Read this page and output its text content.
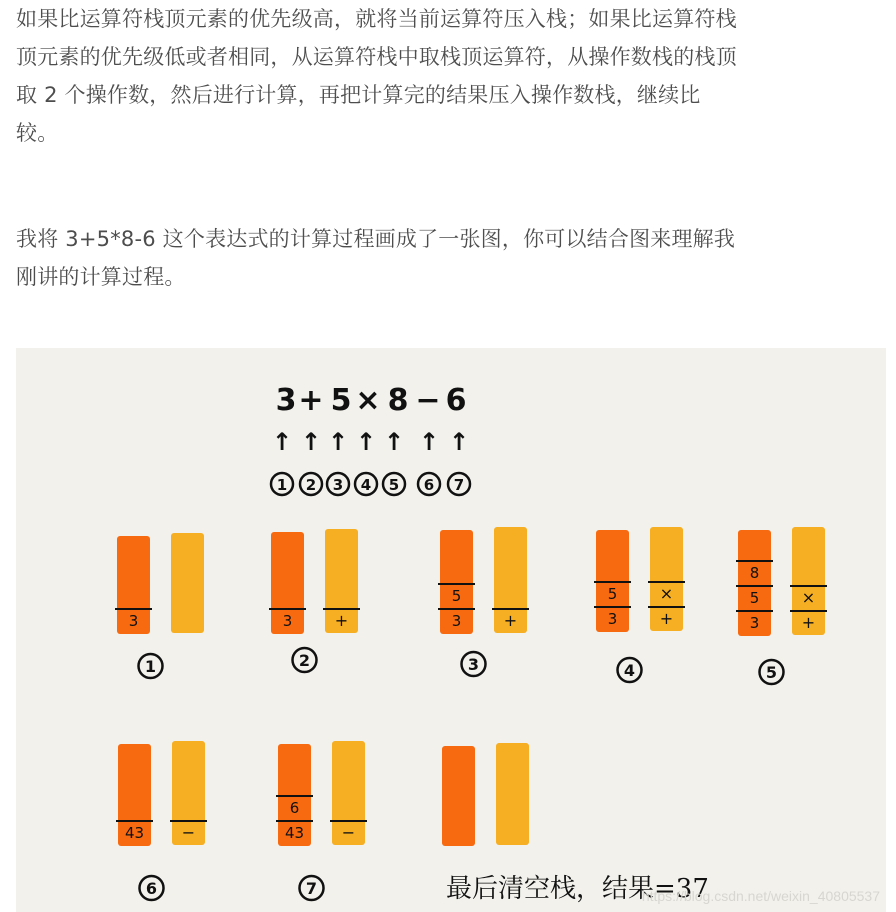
如果比运算符栈顶元素的优先级高，就将当前运算符压入栈；如果比运算符栈
顶元素的优先级低或者相同，从运算符栈中取栈顶运算符，从操作数栈的栈顶
取 2 个操作数，然后进行计算，再把计算完的结果压入操作数栈，继续比
较。

我将 3+5*8-6 这个表达式的计算过程画成了一张图，你可以结合图来理解我
刚讲的计算过程。

3 + 5 × 8 − 6
↑ ↑ ↑ ↑ ↑ ↑ ↑
1 2 3 4 5 6 7
3
1
3	+
2
3
5
+
3
3
5
+
×
4
3
5
8
+
×
5
43 −
6
43
6
−
7	最后清空栈，结果=37
https://blog.csdn.net/weixin_40805537
